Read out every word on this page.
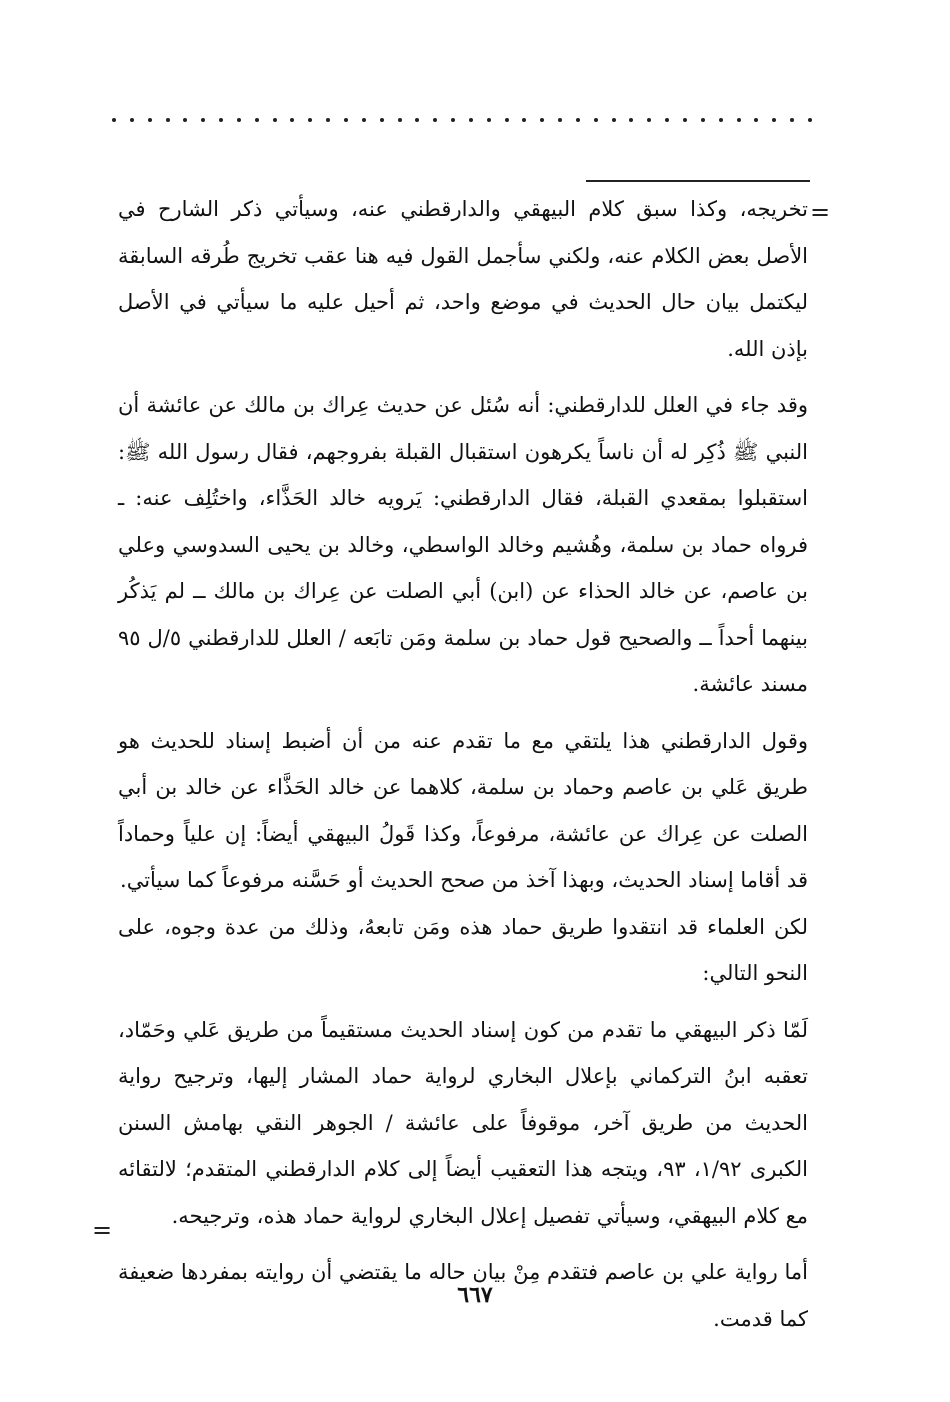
=

تخريجه، وكذا سبق كلام البيهقي والدارقطني عنه، وسيأتي ذكر الشارح في الأصل بعض الكلام عنه، ولكني سأجمل القول فيه هنا عقب تخريج طُرقه السابقة ليكتمل بيان حال الحديث في موضع واحد، ثم أحيل عليه ما سيأتي في الأصل بإذن الله.

وقد جاء في العلل للدارقطني: أنه سُئل عن حديث عِراك بن مالك عن عائشة أن النبي ﷺ ذُكِر له أن ناساً يكرهون استقبال القبلة بفروجهم، فقال رسول الله ﷺ: استقبلوا بمقعدي القبلة، فقال الدارقطني: يَرويه خالد الحَذَّاء، واختُلِف عنه: ـ فرواه حماد بن سلمة، وهُشيم وخالد الواسطي، وخالد بن يحيى السدوسي وعلي بن عاصم، عن خالد الحذاء عن (ابن) أبي الصلت عن عِراك بن مالك ــ لم يَذكُر بينهما أحداً ــ والصحيح قول حماد بن سلمة ومَن تابَعه / العلل للدارقطني ٥/ل ٩٥ مسند عائشة.

وقول الدارقطني هذا يلتقي مع ما تقدم عنه من أن أضبط إسناد للحديث هو طريق عَلي بن عاصم وحماد بن سلمة، كلاهما عن خالد الحَذَّاء عن خالد بن أبي الصلت عن عِراك عن عائشة، مرفوعاً، وكذا قَولُ البيهقي أيضاً: إن علياً وحماداً قد أقاما إسناد الحديث، وبهذا آخذ من صحح الحديث أو حَسَّنه مرفوعاً كما سيأتي.

لكن العلماء قد انتقدوا طريق حماد هذه ومَن تابعهُ، وذلك من عدة وجوه، على النحو التالي:

لَمّا ذكر البيهقي ما تقدم من كون إسناد الحديث مستقيماً من طريق عَلي وحَمّاد، تعقبه ابنُ التركماني بإعلال البخاري لرواية حماد المشار إليها، وترجيح رواية الحديث من طريق آخر، موقوفاً على عائشة / الجوهر النقي بهامش السنن الكبرى ١/٩٢، ٩٣، ويتجه هذا التعقيب أيضاً إلى كلام الدارقطني المتقدم؛ لالتقائه مع كلام البيهقي، وسيأتي تفصيل إعلال البخاري لرواية حماد هذه، وترجيحه.

أما رواية علي بن عاصم فتقدم مِنْ بيان حاله ما يقتضي أن روايته بمفردها ضعيفة كما قدمت.

=
٦٦٧
